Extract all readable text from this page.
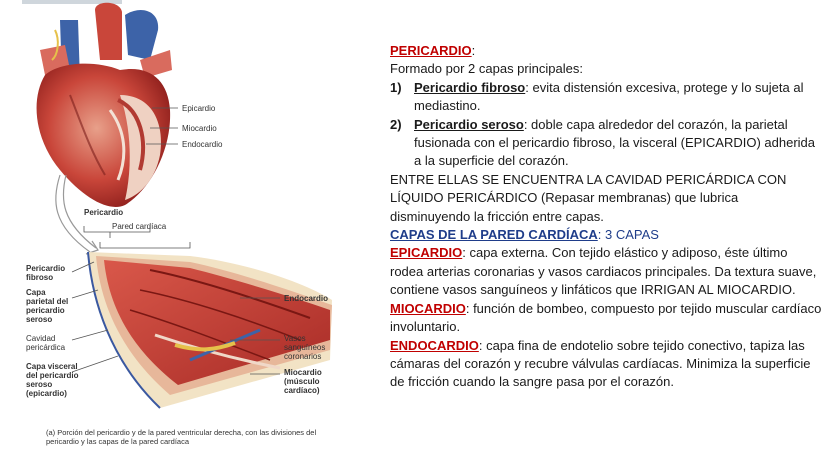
Epicardio
Miocardio
Endocardio
Pericardio
Pared cardíaca
Pericardio fibroso
Capa parietal del pericardio seroso
Cavidad pericárdica
Capa visceral del pericardio seroso (epicardio)
Endocardio
Vasos sanguíneos coronarios
Miocardio (músculo cardíaco)
(a) Porción del pericardio y de la pared ventricular derecha, con las divisiones del pericardio y las capas de la pared cardíaca

PERICARDIO:

Formado por 2 capas principales:

1) Pericardio fibroso: evita distensión excesiva, protege y lo sujeta al mediastino.
2) Pericardio seroso: doble capa alrededor del corazón, la parietal fusionada con el pericardio fibroso, la visceral (EPICARDIO) adherida a la superficie del corazón.

ENTRE ELLAS SE ENCUENTRA LA CAVIDAD PERICÁRDICA CON LÍQUIDO PERICÁRDICO (Repasar membranas) que lubrica disminuyendo la fricción entre capas.

CAPAS DE LA PARED CARDÍACA: 3 CAPAS

EPICARDIO: capa externa. Con tejido elástico y adiposo, éste último rodea arterias coronarias y vasos cardiacos principales. Da textura suave, contiene vasos sanguíneos y linfáticos que IRRIGAN AL MIOCARDIO.

MIOCARDIO: función de bombeo, compuesto por tejido muscular cardíaco involuntario.

ENDOCARDIO: capa fina de endotelio sobre tejido conectivo, tapiza las cámaras del corazón y recubre válvulas cardíacas. Minimiza la superficie de fricción cuando la sangre pasa por el corazón.
